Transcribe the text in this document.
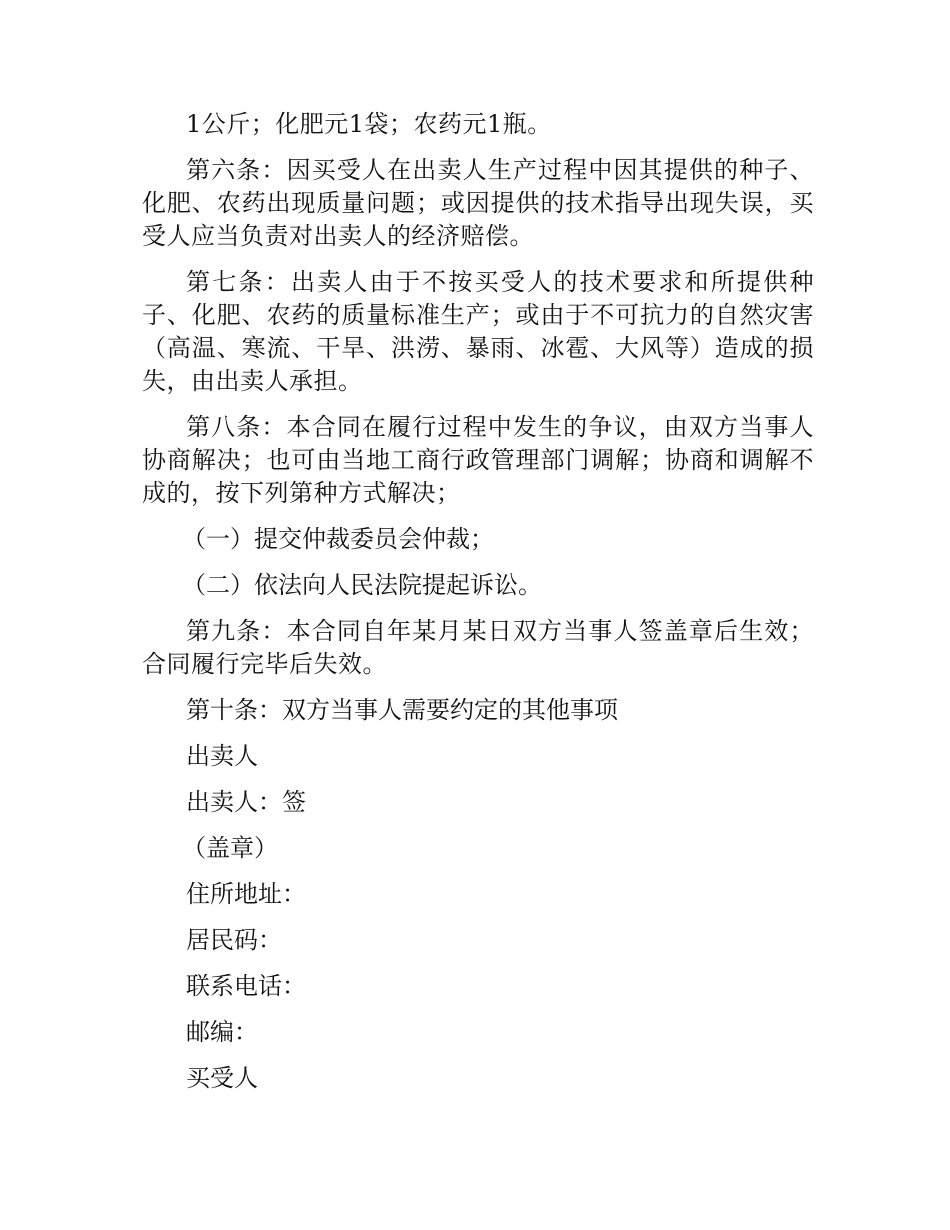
1公斤；化肥元1袋；农药元1瓶。

第六条：因买受人在出卖人生产过程中因其提供的种子、化肥、农药出现质量问题；或因提供的技术指导出现失误，买受人应当负责对出卖人的经济赔偿。

第七条：出卖人由于不按买受人的技术要求和所提供种子、化肥、农药的质量标准生产；或由于不可抗力的自然灾害（高温、寒流、干旱、洪涝、暴雨、冰雹、大风等）造成的损失，由出卖人承担。

第八条：本合同在履行过程中发生的争议，由双方当事人协商解决；也可由当地工商行政管理部门调解；协商和调解不成的，按下列第种方式解决；

（一）提交仲裁委员会仲裁；
（二）依法向人民法院提起诉讼。

第九条：本合同自年某月某日双方当事人签盖章后生效；合同履行完毕后失效。

第十条：双方当事人需要约定的其他事项
出卖人
出卖人：签
（盖章）
住所地址：
居民码：
联系电话：
邮编：
买受人
